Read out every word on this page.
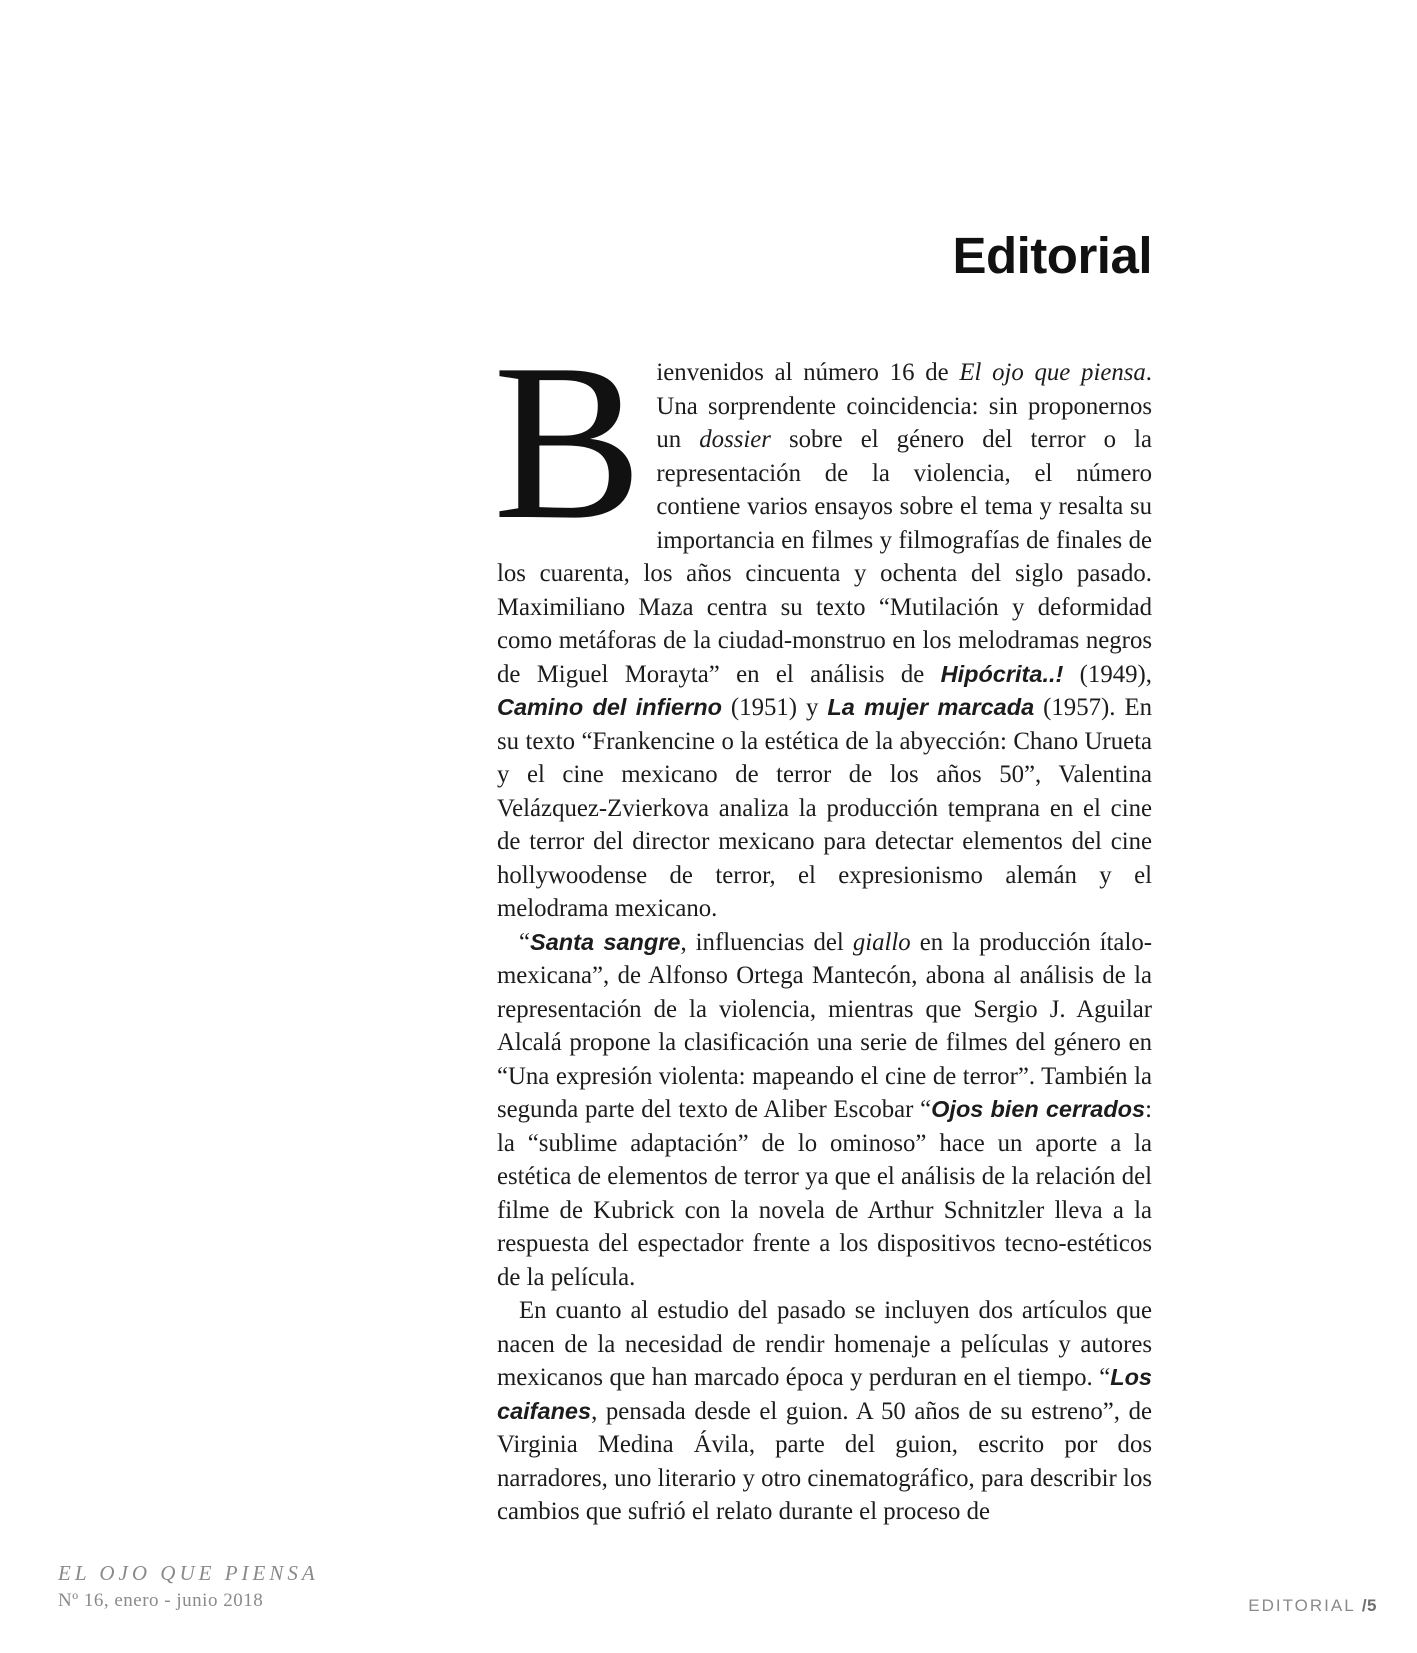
Editorial

Bienvenidos al número 16 de El ojo que piensa. Una sorprendente coincidencia: sin proponernos un dossier sobre el género del terror o la representación de la violencia, el número contiene varios ensayos sobre el tema y resalta su importancia en filmes y filmografías de finales de los cuarenta, los años cincuenta y ochenta del siglo pasado. Maximiliano Maza centra su texto “Mutilación y deformidad como metáforas de la ciudad-monstruo en los melodramas negros de Miguel Morayta” en el análisis de Hipócrita..! (1949), Camino del infierno (1951) y La mujer marcada (1957). En su texto “Frankencine o la estética de la abyección: Chano Urueta y el cine mexicano de terror de los años 50”, Valentina Velázquez-Zvierkova analiza la producción temprana en el cine de terror del director mexicano para detectar elementos del cine hollywoodense de terror, el expresionismo alemán y el melodrama mexicano.

“Santa sangre, influencias del giallo en la producción ítalo-mexicana”, de Alfonso Ortega Mantecón, abona al análisis de la representación de la violencia, mientras que Sergio J. Aguilar Alcalá propone la clasificación una serie de filmes del género en “Una expresión violenta: mapeando el cine de terror”. También la segunda parte del texto de Aliber Escobar “Ojos bien cerrados: la “sublime adaptación” de lo ominoso” hace un aporte a la estética de elementos de terror ya que el análisis de la relación del filme de Kubrick con la novela de Arthur Schnitzler lleva a la respuesta del espectador frente a los dispositivos tecno-estéticos de la película.

En cuanto al estudio del pasado se incluyen dos artículos que nacen de la necesidad de rendir homenaje a películas y autores mexicanos que han marcado época y perduran en el tiempo. “Los caifanes, pensada desde el guion. A 50 años de su estreno”, de Virginia Medina Ávila, parte del guion, escrito por dos narradores, uno literario y otro cinematográfico, para describir los cambios que sufrió el relato durante el proceso de

EL OJO QUE PIENSA
Nº 16, enero - junio 2018	EDITORIAL /5
